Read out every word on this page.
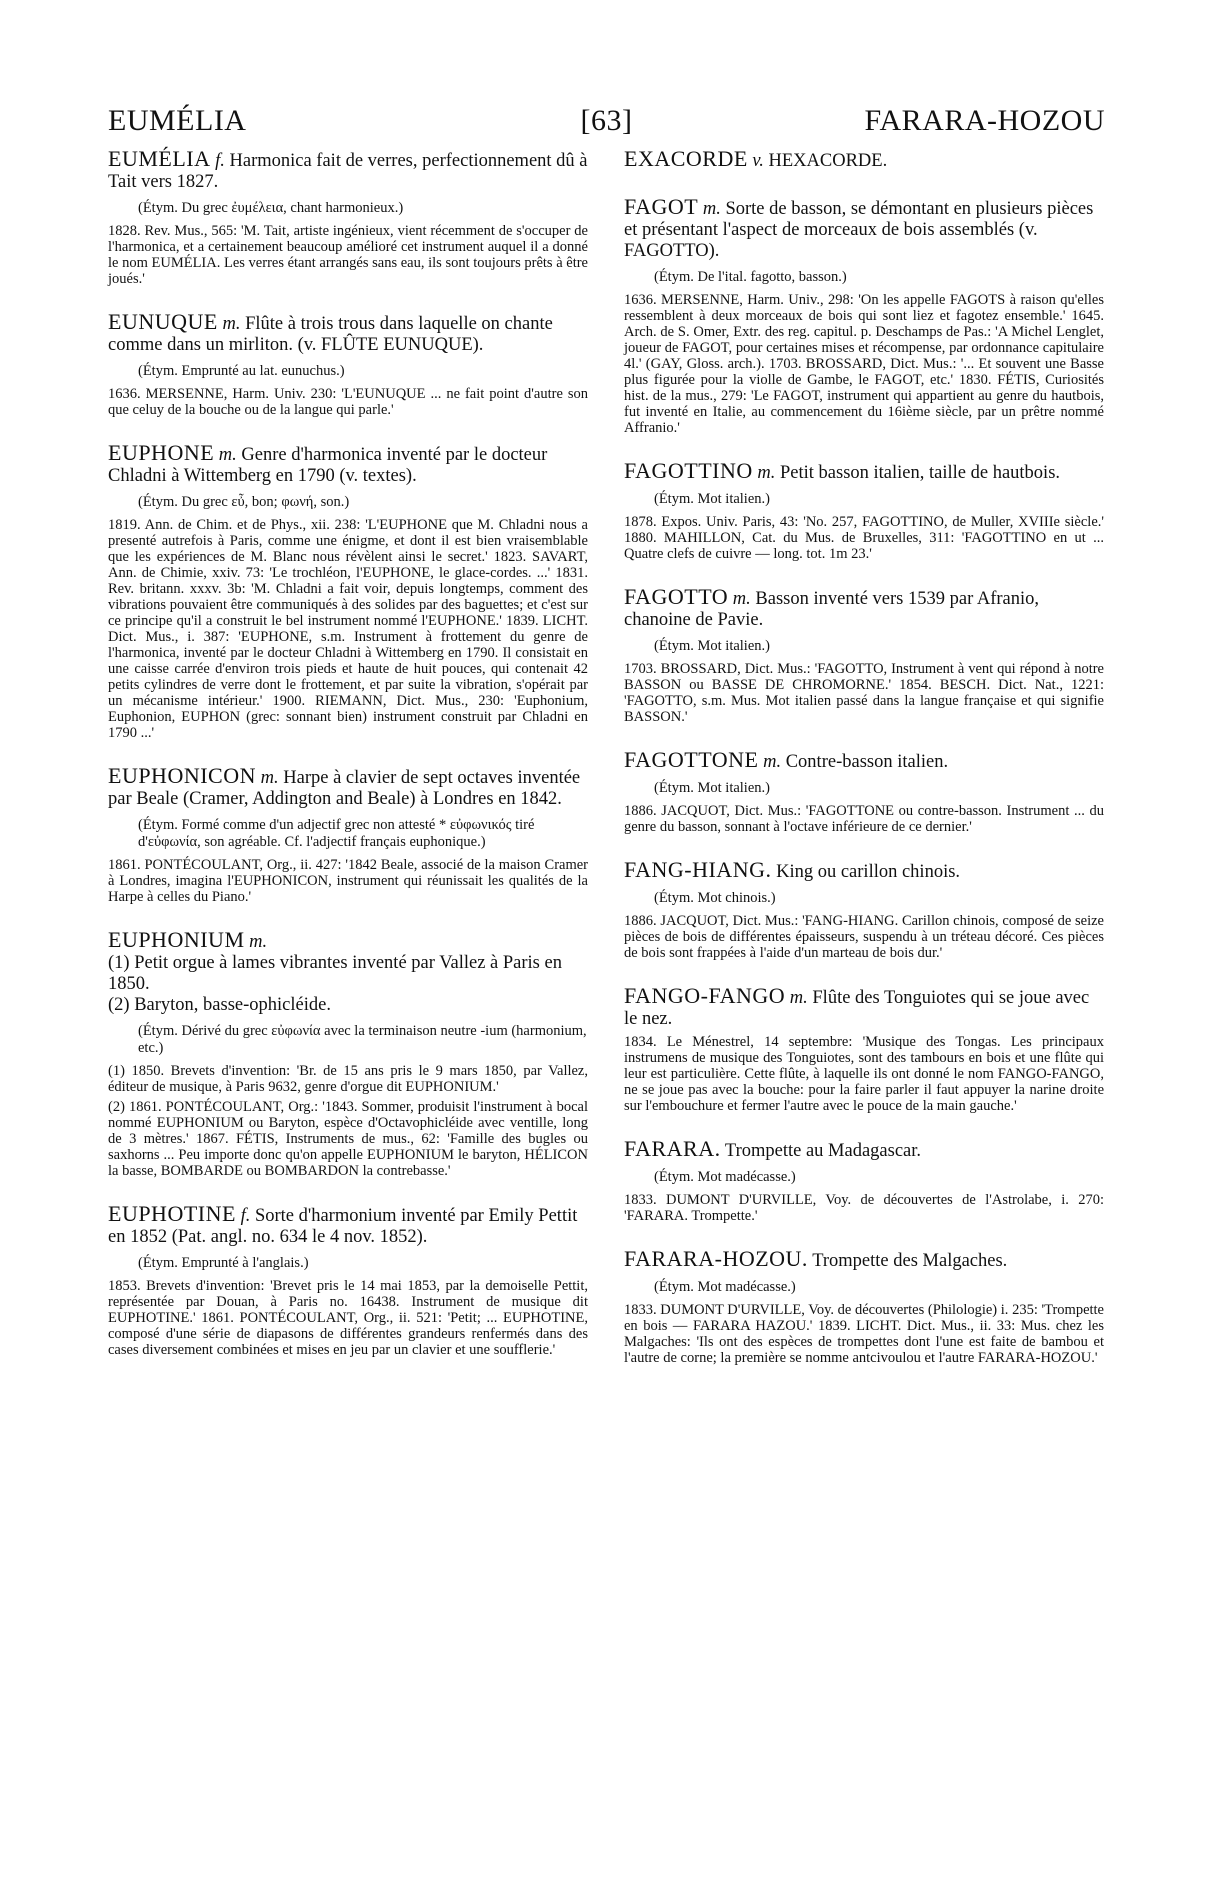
EUMÉLIA	[63]	FARARA-HOZOU

EUMÉLIA f. Harmonica fait de verres, perfectionnement dû à Tait vers 1827.

(Étym. Du grec ἐυμέλεια, chant harmonieux.)

1828. Rev. Mus., 565: 'M. Tait, artiste ingénieux, vient récemment de s'occuper de l'harmonica, et a certainement beaucoup amélioré cet instrument auquel il a donné le nom EUMÉLIA. Les verres étant arrangés sans eau, ils sont toujours prêts à être joués.'

EUNUQUE m. Flûte à trois trous dans laquelle on chante comme dans un mirliton. (v. FLÛTE EUNUQUE).

(Étym. Emprunté au lat. eunuchus.)

1636. MERSENNE, Harm. Univ. 230: 'L'EUNUQUE ... ne fait point d'autre son que celuy de la bouche ou de la langue qui parle.'

EUPHONE m. Genre d'harmonica inventé par le docteur Chladni à Wittemberg en 1790 (v. textes).

(Étym. Du grec εὖ, bon; φωνή, son.)

1819. Ann. de Chim. et de Phys., xii. 238: 'L'EUPHONE que M. Chladni nous a presenté autrefois à Paris, comme une énigme, et dont il est bien vraisemblable que les expériences de M. Blanc nous révèlent ainsi le secret.' 1823. SAVART, Ann. de Chimie, xxiv. 73: 'Le trochléon, l'EUPHONE, le glace-cordes. ...' 1831. Rev. britann. xxxv. 3b: 'M. Chladni a fait voir, depuis longtemps, comment des vibrations pouvaient être communiqués à des solides par des baguettes; et c'est sur ce principe qu'il a construit le bel instrument nommé l'EUPHONE.' 1839. LICHT. Dict. Mus., i. 387: 'EUPHONE, s.m. Instrument à frottement du genre de l'harmonica, inventé par le docteur Chladni à Wittemberg en 1790. Il consistait en une caisse carrée d'environ trois pieds et haute de huit pouces, qui contenait 42 petits cylindres de verre dont le frottement, et par suite la vibration, s'opérait par un mécanisme intérieur.' 1900. RIEMANN, Dict. Mus., 230: 'Euphonium, Euphonion, EUPHON (grec: sonnant bien) instrument construit par Chladni en 1790 ...'

EUPHONICON m. Harpe à clavier de sept octaves inventée par Beale (Cramer, Addington and Beale) à Londres en 1842.

(Étym. Formé comme d'un adjectif grec non attesté * εὐφωνικός tiré d'εὐφωνία, son agréable. Cf. l'adjectif français euphonique.)

1861. PONTÉCOULANT, Org., ii. 427: '1842 Beale, associé de la maison Cramer à Londres, imagina l'EUPHONICON, instrument qui réunissait les qualités de la Harpe à celles du Piano.'

EUPHONIUM m.

(1) Petit orgue à lames vibrantes inventé par Vallez à Paris en 1850.

(2) Baryton, basse-ophicléide.

(Étym. Dérivé du grec εὐφωνία avec la terminaison neutre -ium (harmonium, etc.)

(1) 1850. Brevets d'invention: 'Br. de 15 ans pris le 9 mars 1850, par Vallez, éditeur de musique, à Paris 9632, genre d'orgue dit EUPHONIUM.'

(2) 1861. PONTÉCOULANT, Org.: '1843. Sommer, produisit l'instrument à bocal nommé EUPHONIUM ou Baryton, espèce d'Octavophicléide avec ventille, long de 3 mètres.' 1867. FÉTIS, Instruments de mus., 62: 'Famille des bugles ou saxhorns ... Peu importe donc qu'on appelle EUPHONIUM le baryton, HÉLICON la basse, BOMBARDE ou BOMBARDON la contrebasse.'

EUPHOTINE f. Sorte d'harmonium inventé par Emily Pettit en 1852 (Pat. angl. no. 634 le 4 nov. 1852).

(Étym. Emprunté à l'anglais.)

1853. Brevets d'invention: 'Brevet pris le 14 mai 1853, par la demoiselle Pettit, représentée par Douan, à Paris no. 16438. Instrument de musique dit EUPHOTINE.' 1861. PONTÉCOULANT, Org., ii. 521: 'Petit; ... EUPHOTINE, composé d'une série de diapasons de différentes grandeurs renfermés dans des cases diversement combinées et mises en jeu par un clavier et une soufflerie.'

EXACORDE v. HEXACORDE.

FAGOT m. Sorte de basson, se démontant en plusieurs pièces et présentant l'aspect de morceaux de bois assemblés (v. FAGOTTO).

(Étym. De l'ital. fagotto, basson.)

1636. MERSENNE, Harm. Univ., 298: 'On les appelle FAGOTS à raison qu'elles ressemblent à deux morceaux de bois qui sont liez et fagotez ensemble.' 1645. Arch. de S. Omer, Extr. des reg. capitul. p. Deschamps de Pas.: 'A Michel Lenglet, joueur de FAGOT, pour certaines mises et récompense, par ordonnance capitulaire 4l.' (GAY, Gloss. arch.). 1703. BROSSARD, Dict. Mus.: '... Et souvent une Basse plus figurée pour la violle de Gambe, le FAGOT, etc.' 1830. FÉTIS, Curiosités hist. de la mus., 279: 'Le FAGOT, instrument qui appartient au genre du hautbois, fut inventé en Italie, au commencement du 16ième siècle, par un prêtre nommé Affranio.'

FAGOTTINO m. Petit basson italien, taille de hautbois.

(Étym. Mot italien.)

1878. Expos. Univ. Paris, 43: 'No. 257, FAGOTTINO, de Muller, XVIIIe siècle.' 1880. MAHILLON, Cat. du Mus. de Bruxelles, 311: 'FAGOTTINO en ut ... Quatre clefs de cuivre — long. tot. 1m 23.'

FAGOTTO m. Basson inventé vers 1539 par Afranio, chanoine de Pavie.

(Étym. Mot italien.)

1703. BROSSARD, Dict. Mus.: 'FAGOTTO, Instrument à vent qui répond à notre BASSON ou BASSE DE CHROMORNE.' 1854. BESCH. Dict. Nat., 1221: 'FAGOTTO, s.m. Mus. Mot italien passé dans la langue française et qui signifie BASSON.'

FAGOTTONE m. Contre-basson italien.

(Étym. Mot italien.)

1886. JACQUOT, Dict. Mus.: 'FAGOTTONE ou contre-basson. Instrument ... du genre du basson, sonnant à l'octave inférieure de ce dernier.'

FANG-HIANG. King ou carillon chinois.

(Étym. Mot chinois.)

1886. JACQUOT, Dict. Mus.: 'FANG-HIANG. Carillon chinois, composé de seize pièces de bois de différentes épaisseurs, suspendu à un tréteau décoré. Ces pièces de bois sont frappées à l'aide d'un marteau de bois dur.'

FANGO-FANGO m. Flûte des Tonguiotes qui se joue avec le nez.

1834. Le Ménestrel, 14 septembre: 'Musique des Tongas. Les principaux instrumens de musique des Tonguiotes, sont des tambours en bois et une flûte qui leur est particulière. Cette flûte, à laquelle ils ont donné le nom FANGO-FANGO, ne se joue pas avec la bouche: pour la faire parler il faut appuyer la narine droite sur l'embouchure et fermer l'autre avec le pouce de la main gauche.'

FARARA. Trompette au Madagascar.

(Étym. Mot madécasse.)

1833. DUMONT D'URVILLE, Voy. de découvertes de l'Astrolabe, i. 270: 'FARARA. Trompette.'

FARARA-HOZOU. Trompette des Malgaches.

(Étym. Mot madécasse.)

1833. DUMONT D'URVILLE, Voy. de découvertes (Philologie) i. 235: 'Trompette en bois — FARARA HAZOU.' 1839. LICHT. Dict. Mus., ii. 33: Mus. chez les Malgaches: 'Ils ont des espèces de trompettes dont l'une est faite de bambou et l'autre de corne; la première se nomme antcivoulou et l'autre FARARA-HOZOU.'
